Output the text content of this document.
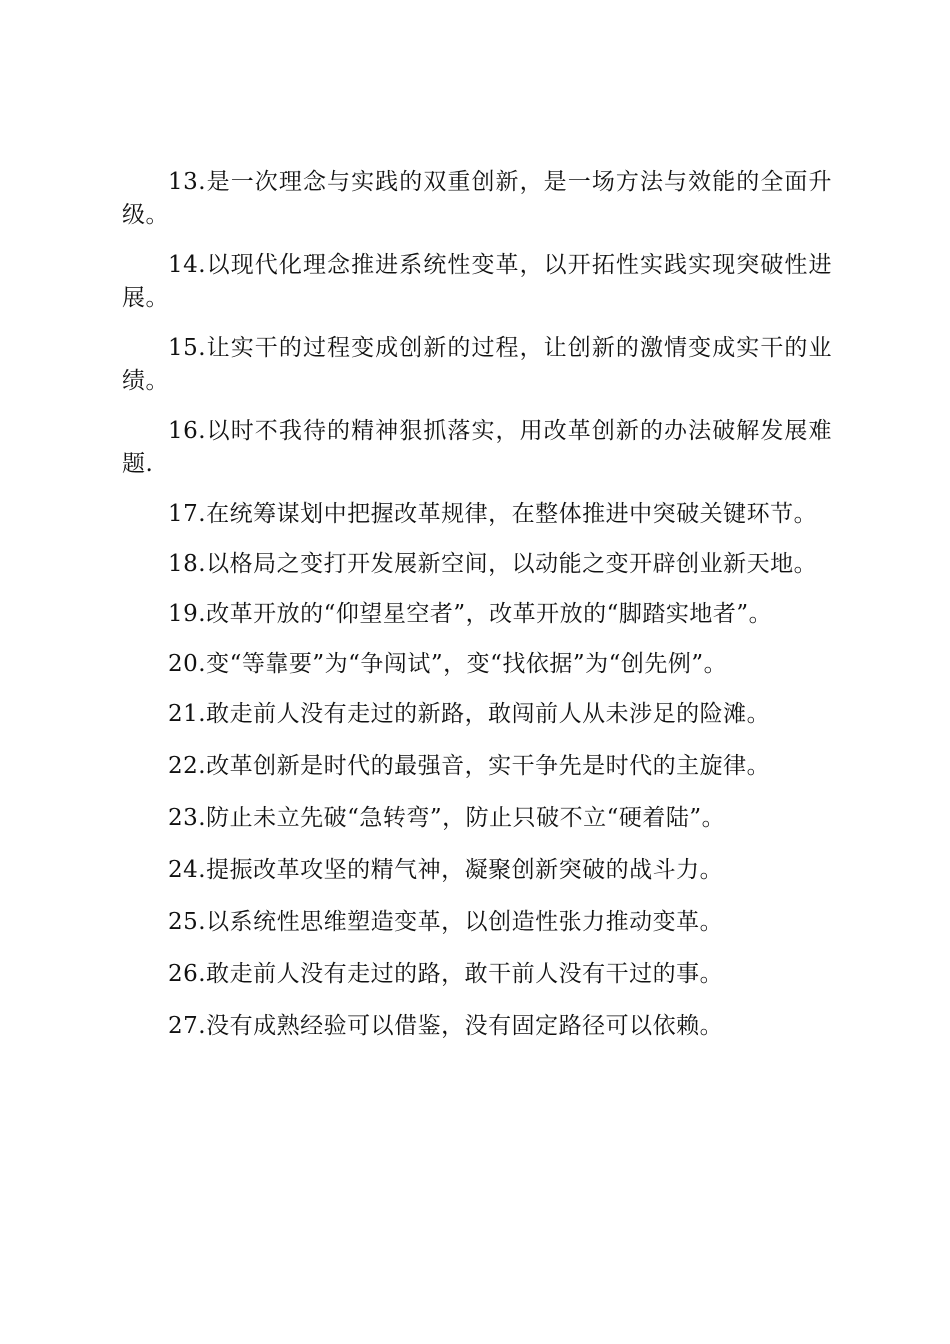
13.是一次理念与实践的双重创新，是一场方法与效能的全面升级。

14.以现代化理念推进系统性变革，以开拓性实践实现突破性进展。

15.让实干的过程变成创新的过程，让创新的激情变成实干的业绩。

16.以时不我待的精神狠抓落实，用改革创新的办法破解发展难题.

17.在统筹谋划中把握改革规律，在整体推进中突破关键环节。

18.以格局之变打开发展新空间，以动能之变开辟创业新天地。

19.改革开放的“仰望星空者”，改革开放的“脚踏实地者”。

20.变“等靠要”为“争闯试”，变“找依据”为“创先例”。

21.敢走前人没有走过的新路，敢闯前人从未涉足的险滩。

22.改革创新是时代的最强音，实干争先是时代的主旋律。

23.防止未立先破“急转弯”，防止只破不立“硬着陆”。

24.提振改革攻坚的精气神，凝聚创新突破的战斗力。

25.以系统性思维塑造变革，以创造性张力推动变革。

26.敢走前人没有走过的路，敢干前人没有干过的事。

27.没有成熟经验可以借鉴，没有固定路径可以依赖。
